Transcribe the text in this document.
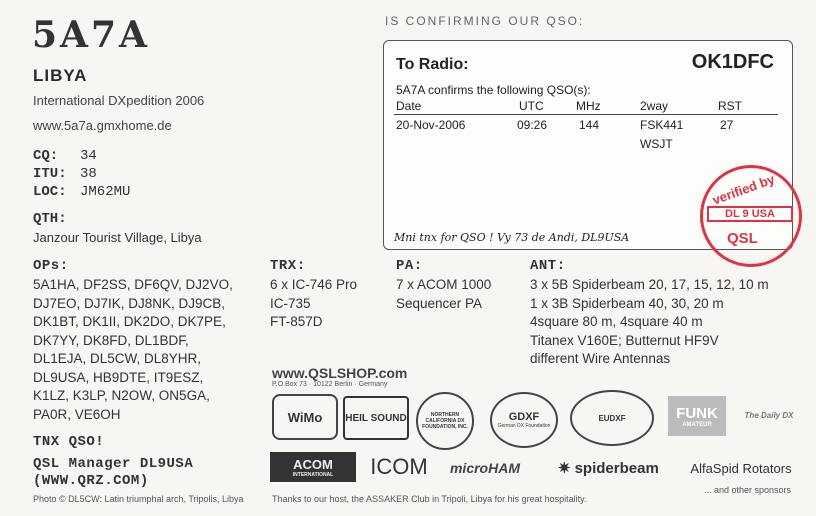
5A7A
LIBYA
International DXpedition 2006
www.5a7a.gmxhome.de
CQ: 34
ITU: 38
LOC: JM62MU
QTH:
Janzour Tourist Village, Libya
IS CONFIRMING OUR QSO:
To Radio:	OK1DFC
5A7A confirms the following QSO(s):
Date	UTC	MHz	2way	RST
20-Nov-2006	09:26	144	FSK441	27
WSJT
Mni tnx for QSO ! Vy 73 de Andi, DL9USA
verified by
DL 9 USA
QSL
OPs:
5A1HA, DF2SS, DF6QV, DJ2VO,
DJ7EO, DJ7IK, DJ8NK, DJ9CB,
DK1BT, DK1II, DK2DO, DK7PE,
DK7YY, DK8FD, DL1BDF,
DL1EJA, DL5CW, DL8YHR,
DL9USA, HB9DTE, IT9ESZ,
K1LZ, K3LP, N2OW, ON5GA,
PA0R, VE6OH
TRX:
6 x IC-746 Pro
IC-735
FT-857D
PA:
7 x ACOM 1000
Sequencer PA
ANT:
3 x 5B Spiderbeam 20, 17, 15, 12, 10 m
1 x 3B Spiderbeam 40, 30, 20 m
4square 80 m, 4square 40 m
Titanex V160E; Butternut HF9V
different Wire Antennas
TNX QSO!
QSL Manager DL9USA
(WWW.QRZ.COM)
www.QSLSHOP.com
P.O.Box 73 · 10122 Berlin · Germany
WiMo	HEIL SOUND	NORTHERN CALIFORNIA DX FOUNDATION, INC.
GDXF
German DX Foundation
EUDXF	FUNK
AMATEUR
The Daily DX
ACOM
INTERNATIONAL ICOM	microHAM	✷ spiderbeam	AlfaSpid Rotators
... and other sponsors
Photo © DL5CW: Latin triumphal arch, Tripolis, Libya	Thanks to our host, the ASSAKER Club in Tripoli, Libya for his great hospitality.
